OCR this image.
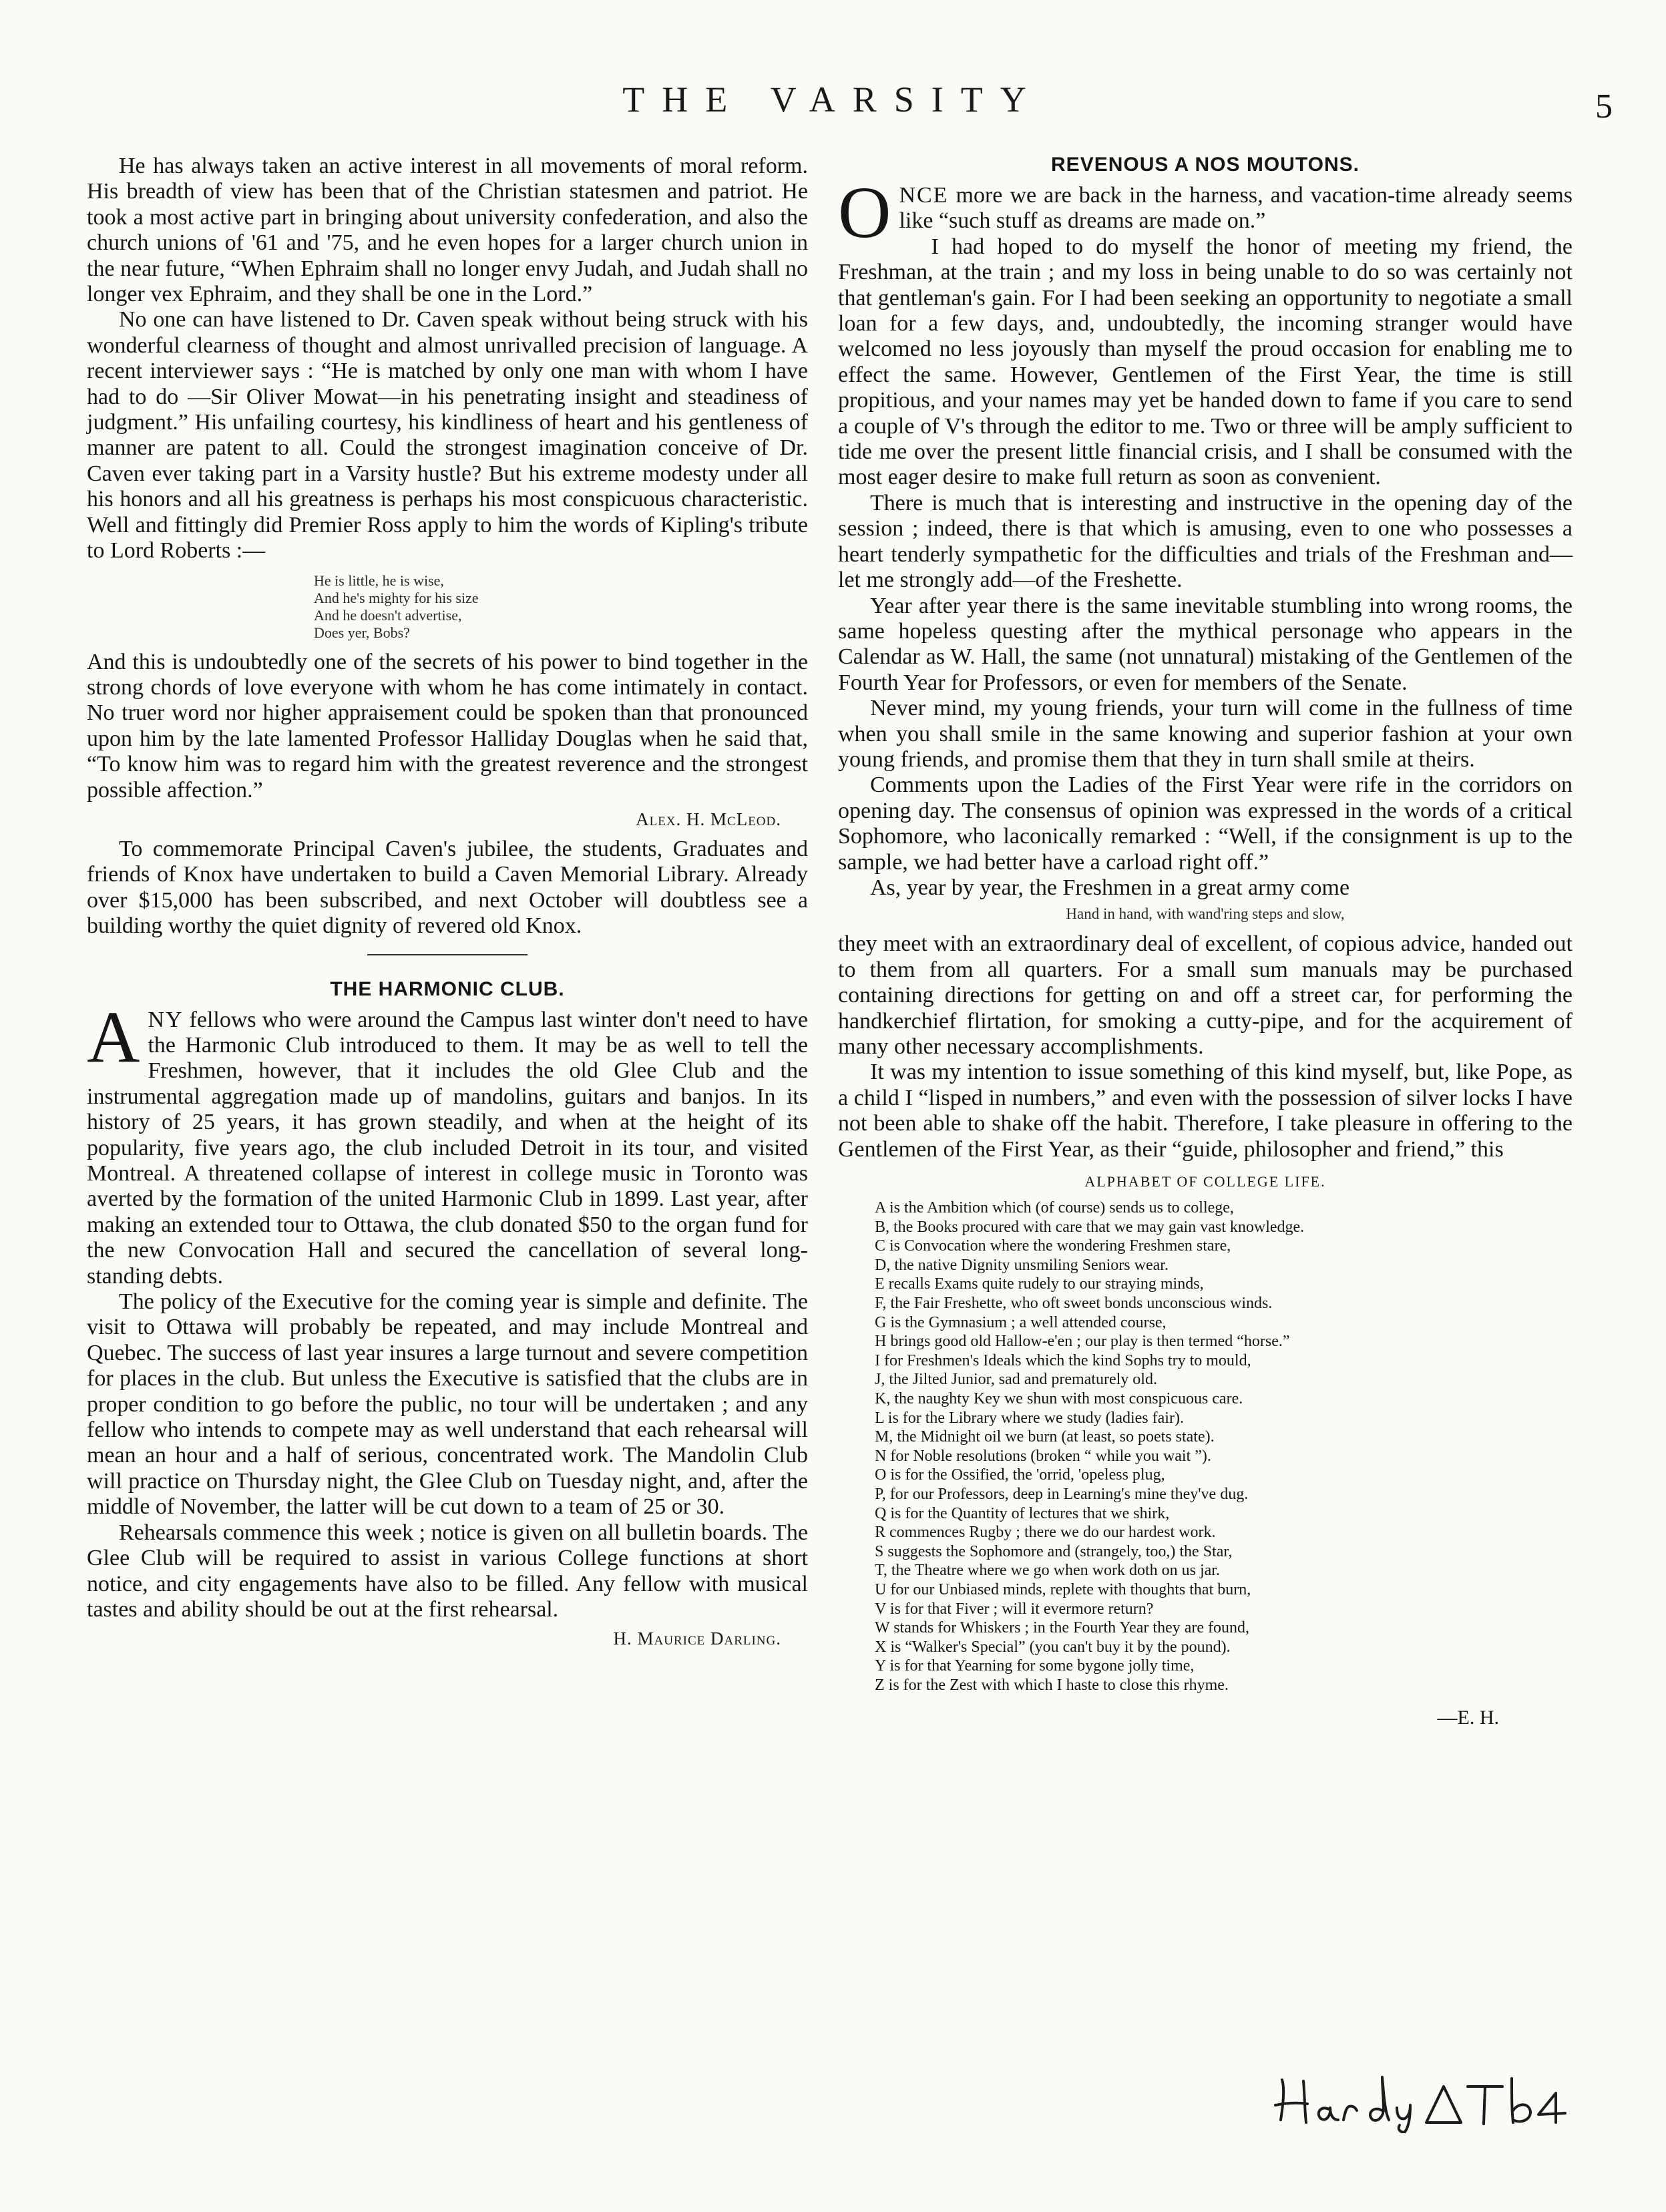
THE VARSITY	5

He has always taken an active interest in all movements of moral reform. His breadth of view has been that of the Christian statesmen and patriot. He took a most active part in bringing about university confederation, and also the church unions of '61 and '75, and he even hopes for a larger church union in the near future, “When Ephraim shall no longer envy Judah, and Judah shall no longer vex Ephraim, and they shall be one in the Lord.”

No one can have listened to Dr. Caven speak without being struck with his wonderful clearness of thought and almost unrivalled precision of language. A recent interviewer says : “He is matched by only one man with whom I have had to do —Sir Oliver Mowat—in his penetrating insight and steadiness of judgment.” His unfailing courtesy, his kindliness of heart and his gentleness of manner are patent to all. Could the strongest imagination conceive of Dr. Caven ever taking part in a Varsity hustle? But his extreme modesty under all his honors and all his greatness is perhaps his most conspicuous characteristic. Well and fittingly did Premier Ross apply to him the words of Kipling's tribute to Lord Roberts :—

He is little, he is wise,
And he's mighty for his size
And he doesn't advertise,
Does yer, Bobs?

And this is undoubtedly one of the secrets of his power to bind together in the strong chords of love everyone with whom he has come intimately in contact. No truer word nor higher appraisement could be spoken than that pronounced upon him by the late lamented Professor Halliday Douglas when he said that, “To know him was to regard him with the greatest reverence and the strongest possible affection.”

Alex. H. McLeod.

To commemorate Principal Caven's jubilee, the students, Graduates and friends of Knox have undertaken to build a Caven Memorial Library. Already over $15,000 has been subscribed, and next October will doubtless see a building worthy the quiet dignity of revered old Knox.

THE HARMONIC CLUB.

ANY fellows who were around the Campus last winter don't need to have the Harmonic Club introduced to them. It may be as well to tell the Freshmen, however, that it includes the old Glee Club and the instrumental aggregation made up of mandolins, guitars and banjos. In its history of 25 years, it has grown steadily, and when at the height of its popularity, five years ago, the club included Detroit in its tour, and visited Montreal. A threatened collapse of interest in college music in Toronto was averted by the formation of the united Harmonic Club in 1899. Last year, after making an extended tour to Ottawa, the club donated $50 to the organ fund for the new Convocation Hall and secured the cancellation of several long-standing debts.

The policy of the Executive for the coming year is simple and definite. The visit to Ottawa will probably be repeated, and may include Montreal and Quebec. The success of last year insures a large turnout and severe competition for places in the club. But unless the Executive is satisfied that the clubs are in proper condition to go before the public, no tour will be undertaken ; and any fellow who intends to compete may as well understand that each rehearsal will mean an hour and a half of serious, concentrated work. The Mandolin Club will practice on Thursday night, the Glee Club on Tuesday night, and, after the middle of November, the latter will be cut down to a team of 25 or 30.

Rehearsals commence this week ; notice is given on all bulletin boards. The Glee Club will be required to assist in various College functions at short notice, and city engagements have also to be filled. Any fellow with musical tastes and ability should be out at the first rehearsal.

H. Maurice Darling.
REVENOUS A NOS MOUTONS.

ONCE more we are back in the harness, and vacation-time already seems like “such stuff as dreams are made on.”

I had hoped to do myself the honor of meeting my friend, the Freshman, at the train ; and my loss in being unable to do so was certainly not that gentleman's gain. For I had been seeking an opportunity to negotiate a small loan for a few days, and, undoubtedly, the incoming stranger would have welcomed no less joyously than myself the proud occasion for enabling me to effect the same. However, Gentlemen of the First Year, the time is still propitious, and your names may yet be handed down to fame if you care to send a couple of V's through the editor to me. Two or three will be amply sufficient to tide me over the present little financial crisis, and I shall be consumed with the most eager desire to make full return as soon as convenient.

There is much that is interesting and instructive in the opening day of the session ; indeed, there is that which is amusing, even to one who possesses a heart tenderly sympathetic for the difficulties and trials of the Freshman and—let me strongly add—of the Freshette.

Year after year there is the same inevitable stumbling into wrong rooms, the same hopeless questing after the mythical personage who appears in the Calendar as W. Hall, the same (not unnatural) mistaking of the Gentlemen of the Fourth Year for Professors, or even for members of the Senate.

Never mind, my young friends, your turn will come in the fullness of time when you shall smile in the same knowing and superior fashion at your own young friends, and promise them that they in turn shall smile at theirs.

Comments upon the Ladies of the First Year were rife in the corridors on opening day. The consensus of opinion was expressed in the words of a critical Sophomore, who laconically remarked : “Well, if the consignment is up to the sample, we had better have a carload right off.”

As, year by year, the Freshmen in a great army come

Hand in hand, with wand'ring steps and slow,

they meet with an extraordinary deal of excellent, of copious advice, handed out to them from all quarters. For a small sum manuals may be purchased containing directions for getting on and off a street car, for performing the handkerchief flirtation, for smoking a cutty-pipe, and for the acquirement of many other necessary accomplishments.

It was my intention to issue something of this kind myself, but, like Pope, as a child I “lisped in numbers,” and even with the possession of silver locks I have not been able to shake off the habit. Therefore, I take pleasure in offering to the Gentlemen of the First Year, as their “guide, philosopher and friend,” this

ALPHABET OF COLLEGE LIFE.
A is the Ambition which (of course) sends us to college,
B, the Books procured with care that we may gain vast knowledge.
C is Convocation where the wondering Freshmen stare,
D, the native Dignity unsmiling Seniors wear.
E recalls Exams quite rudely to our straying minds,
F, the Fair Freshette, who oft sweet bonds unconscious winds.
G is the Gymnasium ; a well attended course,
H brings good old Hallow-e'en ; our play is then termed “horse.”
I for Freshmen's Ideals which the kind Sophs try to mould,
J, the Jilted Junior, sad and prematurely old.
K, the naughty Key we shun with most conspicuous care.
L is for the Library where we study (ladies fair).
M, the Midnight oil we burn (at least, so poets state).
N for Noble resolutions (broken “ while you wait ”).
O is for the Ossified, the 'orrid, 'opeless plug,
P, for our Professors, deep in Learning's mine they've dug.
Q is for the Quantity of lectures that we shirk,
R commences Rugby ; there we do our hardest work.
S suggests the Sophomore and (strangely, too,) the Star,
T, the Theatre where we go when work doth on us jar.
U for our Unbiased minds, replete with thoughts that burn,
V is for that Fiver ; will it evermore return?
W stands for Whiskers ; in the Fourth Year they are found,
X is “Walker's Special” (you can't buy it by the pound).
Y is for that Yearning for some bygone jolly time,
Z is for the Zest with which I haste to close this rhyme.
—E. H.
